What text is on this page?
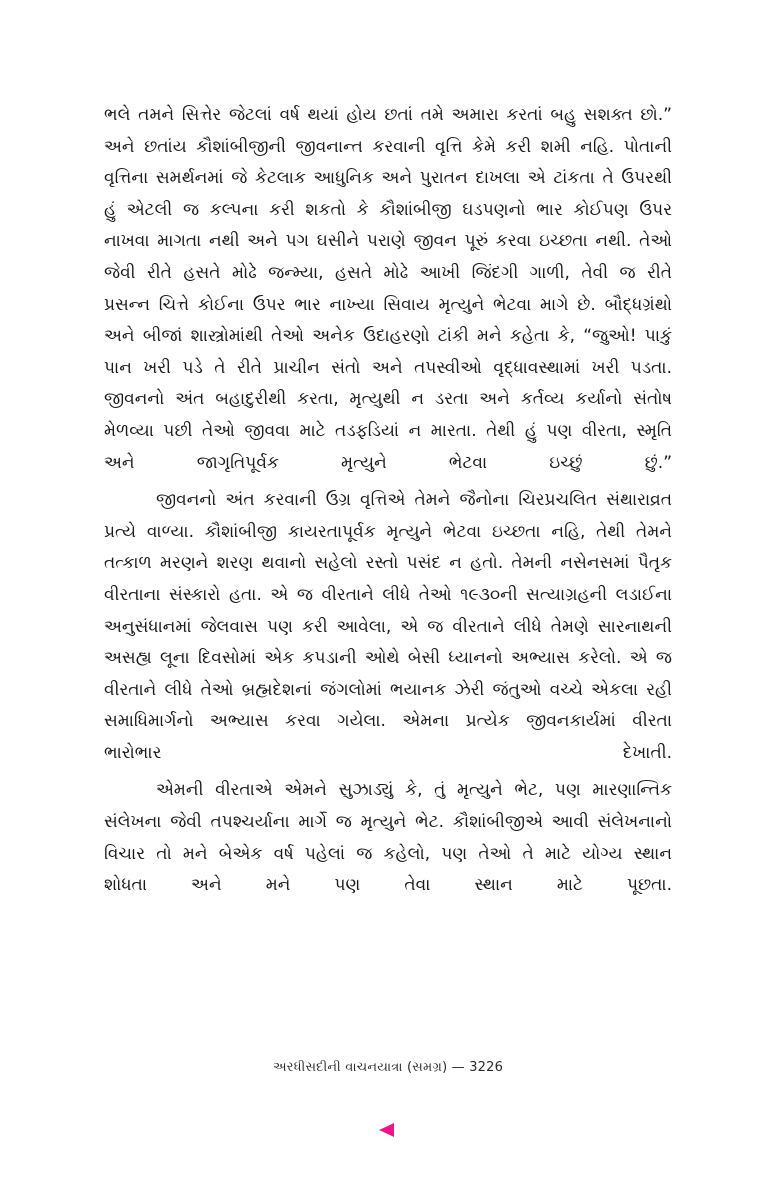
ભલે તમને સિત્તેર જેટલાં વર્ષ થયાં હોય છતાં તમે અમારા કરતાં બહુ સશક્ત છો.” અને છતાંય કૌશાંબીજીની જીવનાન્ત કરવાની વૃત્તિ કેમે કરી શમી નહિ. પોતાની વૃત્તિના સમર્થનમાં જે કેટલાક આધુનિક અને પુરાતન દાખલા એ ટાંકતા તે ઉપરથી હું એટલી જ કલ્પના કરી શકતો કે કૌશાંબીજી ઘડપણનો ભાર કોઈપણ ઉપર નાખવા માગતા નથી અને પગ ઘસીને પરાણે જીવન પૂરું કરવા ઇચ્છતા નથી. તેઓ જેવી રીતે હસતે મોઢે જન્મ્યા, હસતે મોઢે આખી જિંદગી ગાળી, તેવી જ રીતે પ્રસન્ન ચિત્તે કોઈના ઉપર ભાર નાખ્યા સિવાય મૃત્યુને ભેટવા માગે છે. બૌદ્ધગ્રંથો અને બીજાં શાસ્ત્રોમાંથી તેઓ અનેક ઉદાહરણો ટાંકી મને કહેતા કે, “જુઓ! પાકું પાન ખરી પડે તે રીતે પ્રાચીન સંતો અને તપસ્વીઓ વૃદ્ધાવસ્થામાં ખરી પડતા. જીવનનો અંત બહાદુરીથી કરતા, મૃત્યુથી ન ડરતા અને કર્તવ્ય કર્યાનો સંતોષ મેળવ્યા પછી તેઓ જીવવા માટે તડફડિયાં ન મારતા. તેથી હું પણ વીરતા, સ્મૃતિ અને જાગૃતિપૂર્વક મૃત્યુને ભેટવા ઇચ્છું છું.”

જીવનનો અંત કરવાની ઉગ્ર વૃત્તિએ તેમને જૈનોના ચિરપ્રચલિત સંથારાવ્રત પ્રત્યે વાળ્યા. કૌશાંબીજી કાયરતાપૂર્વક મૃત્યુને ભેટવા ઇચ્છતા નહિ, તેથી તેમને તત્કાળ મરણને શરણ થવાનો સહેલો રસ્તો પસંદ ન હતો. તેમની નસેનસમાં પૈતૃક વીરતાના સંસ્કારો હતા. એ જ વીરતાને લીધે તેઓ ૧૯૩૦ની સત્યાગ્રહની લડાઈના અનુસંધાનમાં જેલવાસ પણ કરી આવેલા, એ જ વીરતાને લીધે તેમણે સારનાથની અસહ્ય લૂના દિવસોમાં એક કપડાની ઓથે બેસી ધ્યાનનો અભ્યાસ કરેલો. એ જ વીરતાને લીધે તેઓ બ્રહ્મદેશનાં જંગલોમાં ભયાનક ઝેરી જંતુઓ વચ્ચે એકલા રહી સમાધિમાર્ગનો અભ્યાસ કરવા ગયેલા. એમના પ્રત્યેક જીવનકાર્યમાં વીરતા ભારોભાર દેખાતી.

એમની વીરતાએ એમને સુઝાડ્યું કે, તું મૃત્યુને ભેટ, પણ મારણાન્તિક સંલેખના જેવી તપશ્ચર્યાના માર્ગે જ મૃત્યુને ભેટ. કૌશાંબીજીએ આવી સંલેખનાનો વિચાર તો મને બેએક વર્ષ પહેલાં જ કહેલો, પણ તેઓ તે માટે યોગ્ય સ્થાન શોધતા અને મને પણ તેવા સ્થાન માટે પૂછતા.

અરધીસદીની વાચનયાત્રા (સમગ્ર) — 3226
